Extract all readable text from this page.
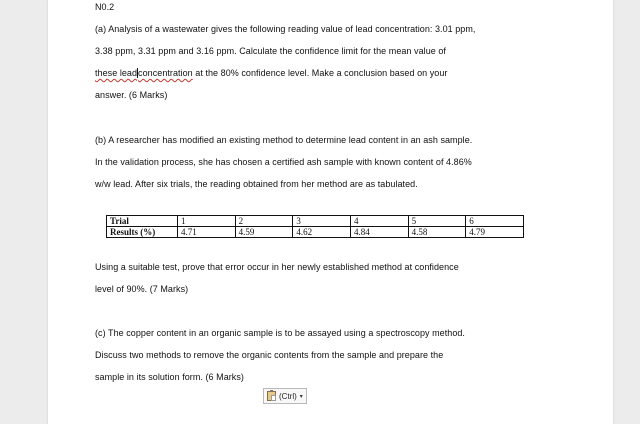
N0.2
(a) Analysis of a wastewater gives the following reading value of lead concentration: 3.01 ppm,
3.38 ppm, 3.31 ppm and 3.16 ppm. Calculate the confidence limit for the mean value of
these leadconcentration at the 80% confidence level. Make a conclusion based on your
answer. (6 Marks)
(b) A researcher has modified an existing method to determine lead content in an ash sample.
In the validation process, she has chosen a certified ash sample with known content of 4.86%
w/w lead. After six trials, the reading obtained from her method are as tabulated.
Trial	1	2	3	4	5	6
Results (%)	4.71	4.59	4.62	4.84	4.58	4.79
Using a suitable test, prove that error occur in her newly established method at confidence
level of 90%. (7 Marks)
(c) The copper content in an organic sample is to be assayed using a spectroscopy method.
Discuss two methods to remove the organic contents from the sample and prepare the
sample in its solution form. (6 Marks)
(Ctrl) ▾
